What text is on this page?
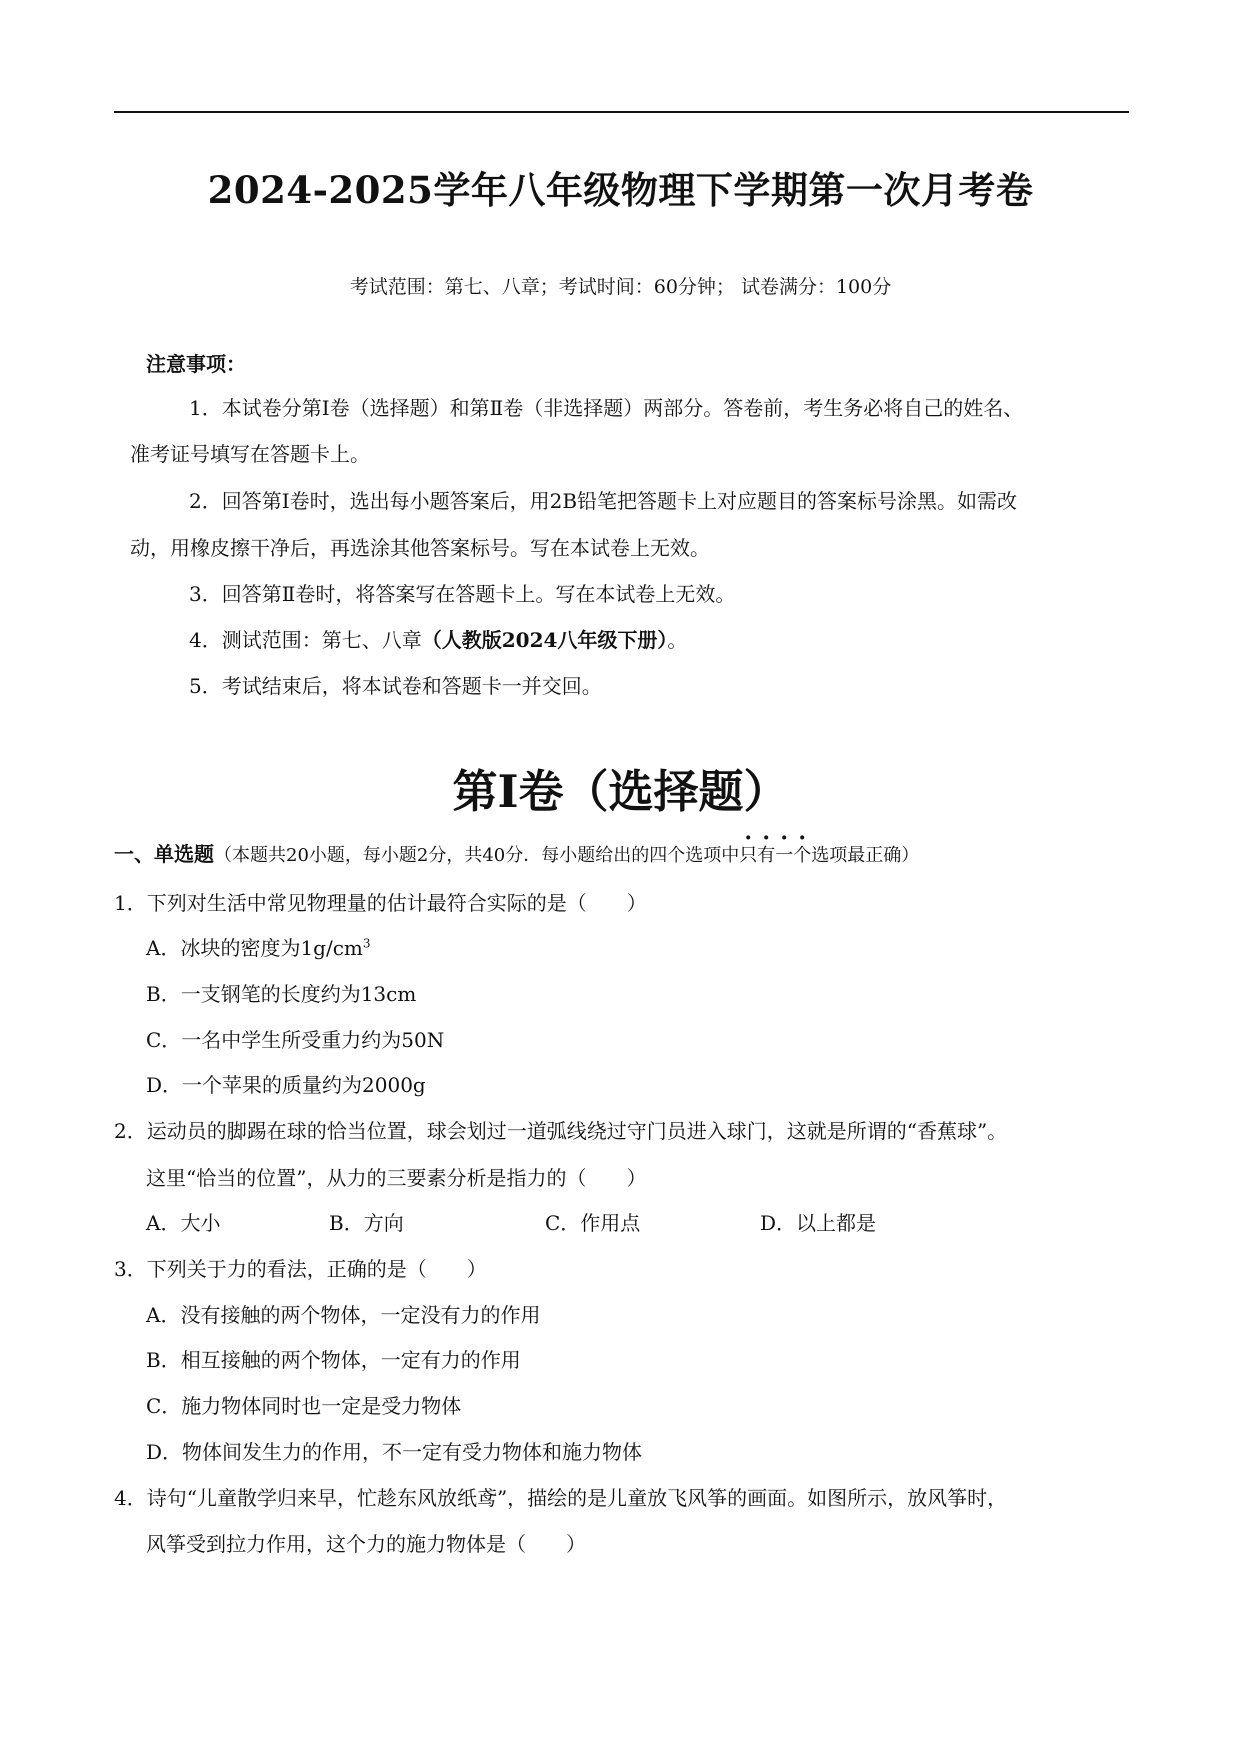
2024-2025学年八年级物理下学期第一次月考卷
考试范围：第七、八章；考试时间：60分钟； 试卷满分：100分
注意事项：
1．本试卷分第Ⅰ卷（选择题）和第Ⅱ卷（非选择题）两部分。答卷前，考生务必将自己的姓名、
准考证号填写在答题卡上。
2．回答第Ⅰ卷时，选出每小题答案后，用2B铅笔把答题卡上对应题目的答案标号涂黑。如需改
动，用橡皮擦干净后，再选涂其他答案标号。写在本试卷上无效。
3．回答第Ⅱ卷时，将答案写在答题卡上。写在本试卷上无效。
4．测试范围：第七、八章（人教版2024八年级下册）。
5．考试结束后，将本试卷和答题卡一并交回。
第Ⅰ卷（选择题）
一、单选题（本题共20小题，每小题2分，共40分．每小题给出的四个选项中只有一个选项最正确）
1．下列对生活中常见物理量的估计最符合实际的是（　　）
A．冰块的密度为$1g/cm^3$
B．一支钢笔的长度约为13cm
C．一名中学生所受重力约为50N
D．一个苹果的质量约为2000g
2．运动员的脚踢在球的恰当位置，球会划过一道弧线绕过守门员进入球门，这就是所谓的“香蕉球”。
这里“恰当的位置”，从力的三要素分析是指力的（　　）
A．大小	B．方向	C．作用点	D．以上都是
3．下列关于力的看法，正确的是（　　）
A．没有接触的两个物体，一定没有力的作用
B．相互接触的两个物体，一定有力的作用
C．施力物体同时也一定是受力物体
D．物体间发生力的作用，不一定有受力物体和施力物体
4．诗句“儿童散学归来早，忙趁东风放纸鸢”，描绘的是儿童放飞风筝的画面。如图所示，放风筝时，
风筝受到拉力作用，这个力的施力物体是（　　）
